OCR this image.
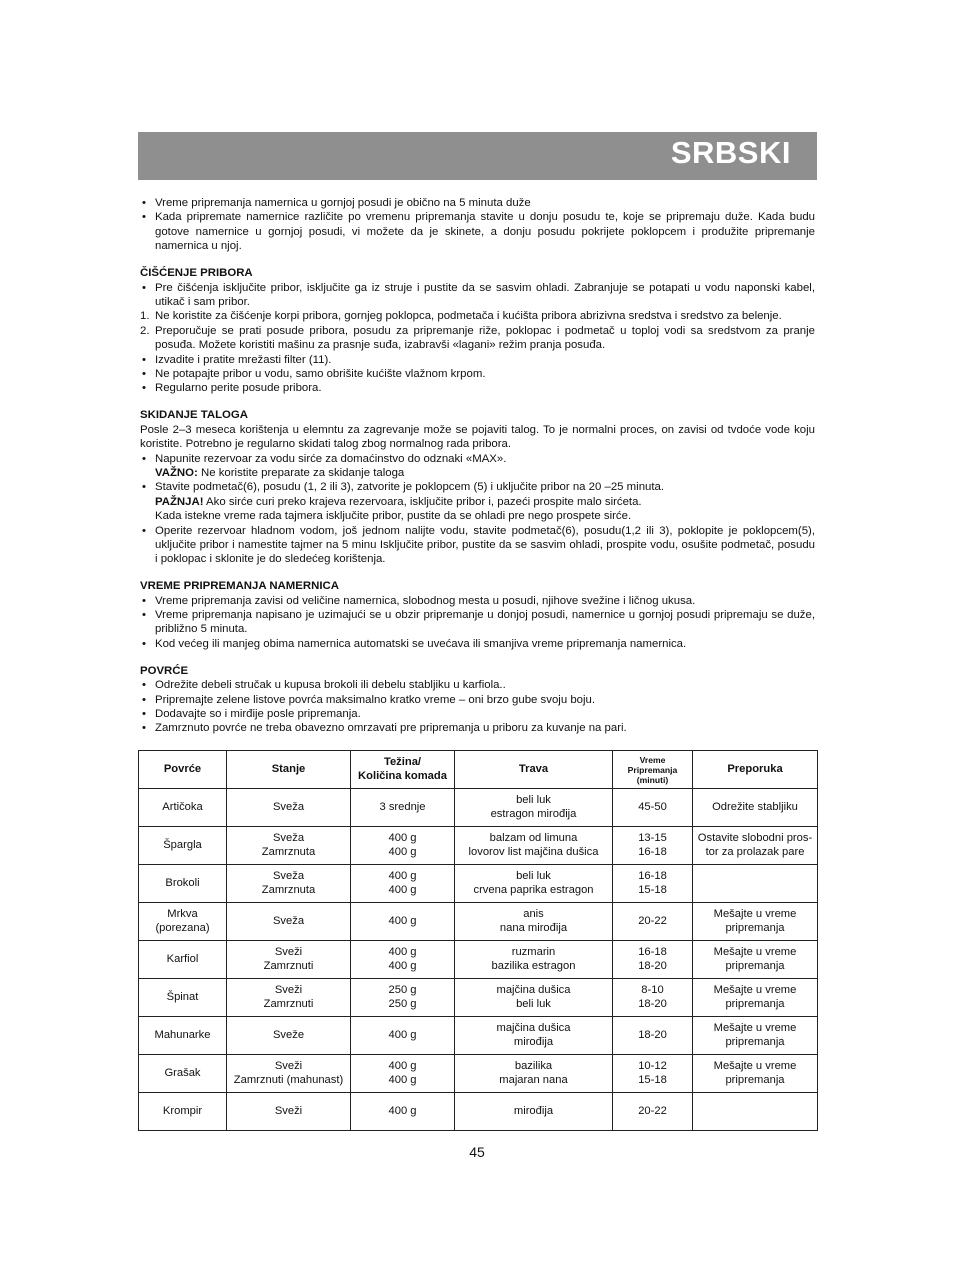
SRBSKI
• Vreme pripremanja namernica u gornjoj posudi je obično na 5 minuta duže
• Kada pripremate namernice različite po vremenu pripremanja stavite u donju posudu te, koje se pripremaju duže. Kada budu gotove namernice u gornjoj posudi, vi možete da je skinete, a donju posudu pokrijete poklopcem i produžite pripremanje namernica u njoj.
ČIŠĆENJE PRIBORA
• Pre čišćenja isključite pribor, isključite ga iz struje i pustite da se sasvim ohladi. Zabranjuje se potapati u vodu naponski kabel, utikač i sam pribor.
1. Ne koristite za čišćenje korpi pribora, gornjeg poklopca, podmetača i kućišta pribora abrizivna sredstva i sredstvo za belenje.
2. Preporučuje se prati posude pribora, posudu za pripremanje riže, poklopac i podmetač u toploj vodi sa sredstvom za pranje posuđa. Možete koristiti mašinu za prasnje suđa, izabravši «lagani» režim pranja posuđa.
• Izvadite i pratite mrežasti filter (11).
• Ne potapajte pribor u vodu, samo obrišite kućište vlažnom krpom.
• Regularno perite posude pribora.
SKIDANJE TALOGA

Posle 2–3 meseca korištenja u elemntu za zagrevanje može se pojaviti talog. To je normalni proces, on zavisi od tvdoće vode koju koristite. Potrebno je regularno skidati talog zbog normalnog rada pribora.

• Napunite rezervoar za vodu sirće za domaćinstvo do odznaki «MAX».
VAŽNO: Ne koristite preparate za skidanje taloga
• Stavite podmetač(6), posudu (1, 2 ili 3), zatvorite je poklopcem (5) i uključite pribor na 20 –25 minuta.
PAŽNJA! Ako sirće curi preko krajeva rezervoara, isključite pribor i, pazeći prospite malo sirćeta.
Kada istekne vreme rada tajmera isključite pribor, pustite da se ohladi pre nego prospete sirće.
• Operite rezervoar hladnom vodom, još jednom nalijte vodu, stavite podmetač(6), posudu(1,2 ili 3), poklopite je poklopcem(5), uključite pribor i namestite tajmer na 5 minu Isključite pribor, pustite da se sasvim ohladi, prospite vodu, osušite podmetač, posudu i poklopac i sklonite je do sledećeg korištenja.
VREME PRIPREMANJA NAMERNICA
• Vreme pripremanja zavisi od veličine namernica, slobodnog mesta u posudi, njihove svežine i ličnog ukusa.
• Vreme pripremanja napisano je uzimajući se u obzir pripremanje u donjoj posudi, namernice u gornjoj posudi pripremaju se duže, približno 5 minuta.
• Kod većeg ili manjeg obima namernica automatski se uvećava ili smanjiva vreme pripremanja namernica.
POVRĆE
• Odrežite debeli stručak u kupusa brokoli ili debelu stabljiku u karfiola..
• Pripremajte zelene listove povrća maksimalno kratko vreme – oni brzo gube svoju boju.
• Dodavajte so i mirđije posle pripremanja.
• Zamrznuto povrće ne treba obavezno omrzavati pre pripremanja u priboru za kuvanje na pari.
Povrće	Stanje	Težina/
Količina komada	Trava	Vreme
Pripremanja
(minuti)	Preporuka

Artičoka	Sveža	3 srednje	beli luk
estragon mirođija	45-50	Odrežite stabljiku

Špargla	Sveža
Zamrznuta	400 g
400 g	balzam od limuna
lovorov list majčina dušica	13-15
16-18	Ostavite slobodni pros-
tor za prolazak pare

Brokoli	Sveža
Zamrznuta	400 g
400 g	beli luk
crvena paprika estragon	16-18
15-18	

Mrkva
(porezana)	Sveža	400 g	anis
nana mirođija	20-22	Mešajte u vreme
pripremanja

Karfiol	Sveži
Zamrznuti	400 g
400 g	ruzmarin
bazilika estragon	16-18
18-20	Mešajte u vreme
pripremanja

Špinat	Sveži
Zamrznuti	250 g
250 g	majčina dušica
beli luk	8-10
18-20	Mešajte u vreme
pripremanja

Mahunarke	Sveže	400 g	majčina dušica
mirođija	18-20	Mešajte u vreme
pripremanja

Grašak	Sveži
Zamrznuti (mahunast)	400 g
400 g	bazilika
majaran nana	10-12
15-18	Mešajte u vreme
pripremanja

Krompir	Sveži	400 g	mirođija	20-22	

45
